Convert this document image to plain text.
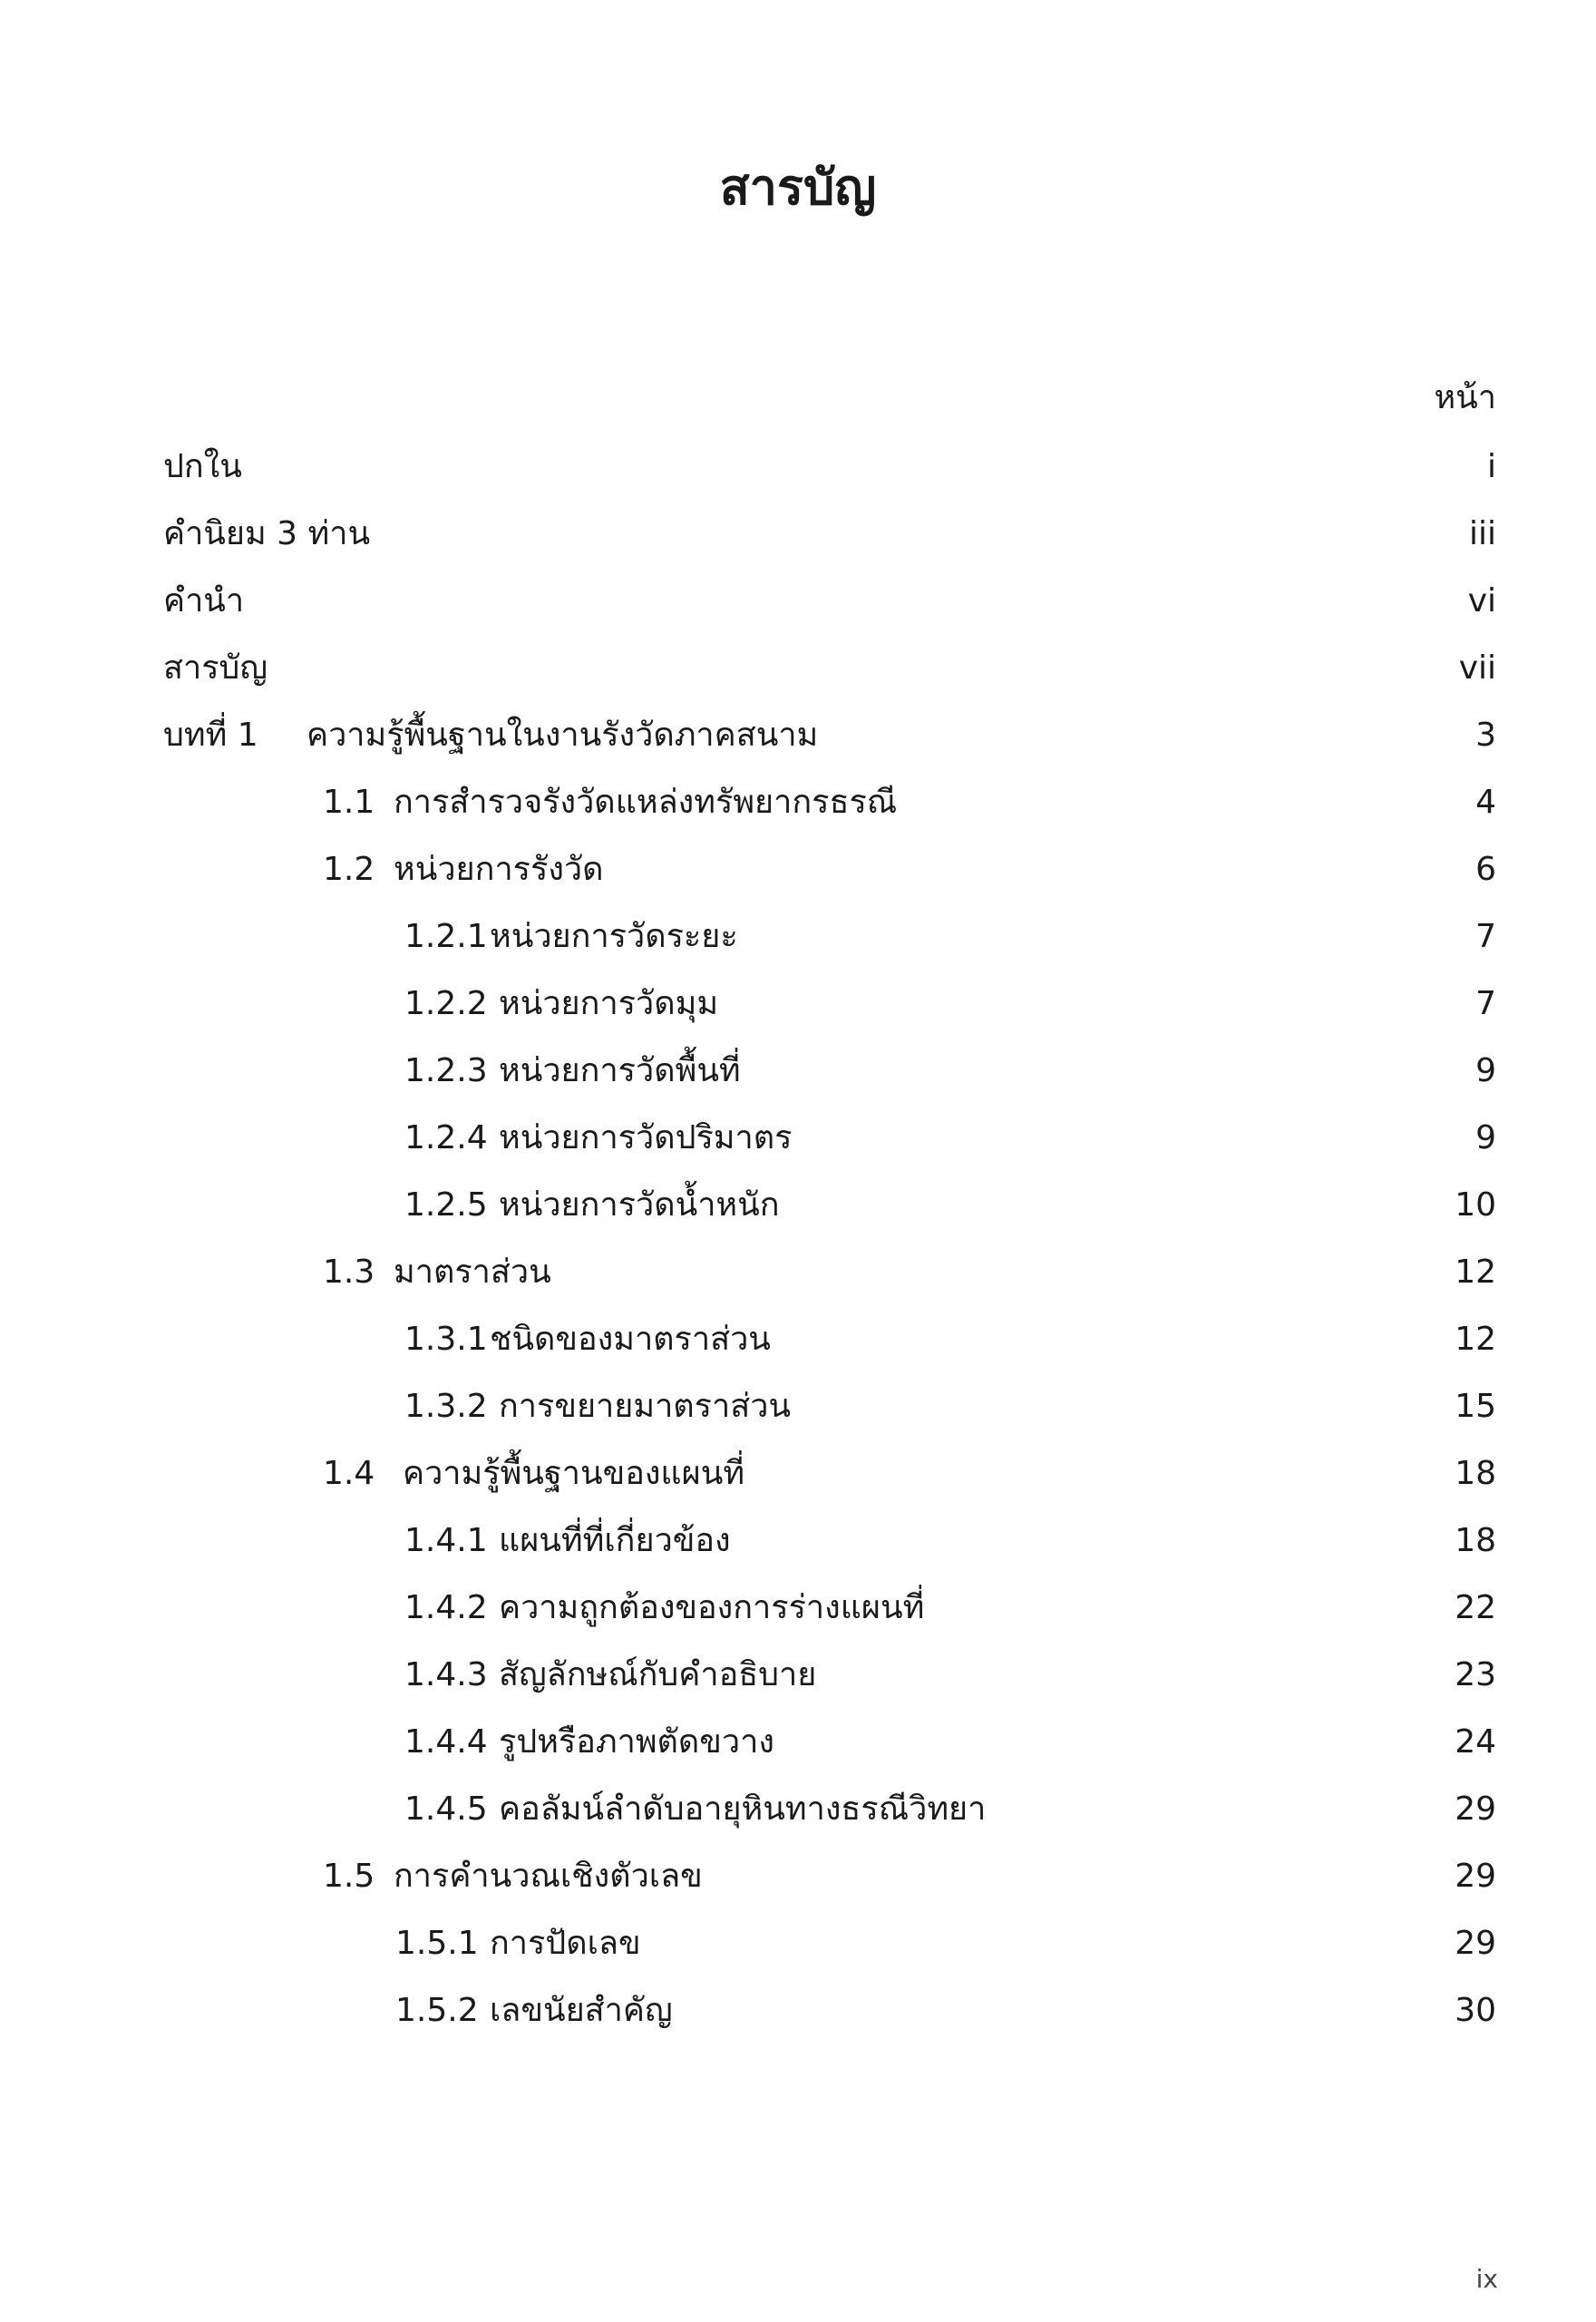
สารบัญ
หน้า
ปกใน	i
คำนิยม 3 ท่าน	iii
คำนำ	vi
สารบัญ	vii
บทที่ 1 ความรู้พื้นฐานในงานรังวัดภาคสนาม	3
1.1 การสำรวจรังวัดแหล่งทรัพยากรธรณี	4
1.2 หน่วยการรังวัด	6
1.2.1 หน่วยการวัดระยะ	7
1.2.2 หน่วยการวัดมุม	7
1.2.3 หน่วยการวัดพื้นที่	9
1.2.4 หน่วยการวัดปริมาตร	9
1.2.5 หน่วยการวัดน้ำหนัก	10
1.3 มาตราส่วน	12
1.3.1 ชนิดของมาตราส่วน	12
1.3.2 การขยายมาตราส่วน	15
1.4 ความรู้พื้นฐานของแผนที่	18
1.4.1 แผนที่ที่เกี่ยวข้อง	18
1.4.2 ความถูกต้องของการร่างแผนที่	22
1.4.3 สัญลักษณ์กับคำอธิบาย	23
1.4.4 รูปหรือภาพตัดขวาง	24
1.4.5 คอลัมน์ลำดับอายุหินทางธรณีวิทยา	29
1.5 การคำนวณเชิงตัวเลข	29
1.5.1 การปัดเลข	29
1.5.2 เลขนัยสำคัญ	30
ix
